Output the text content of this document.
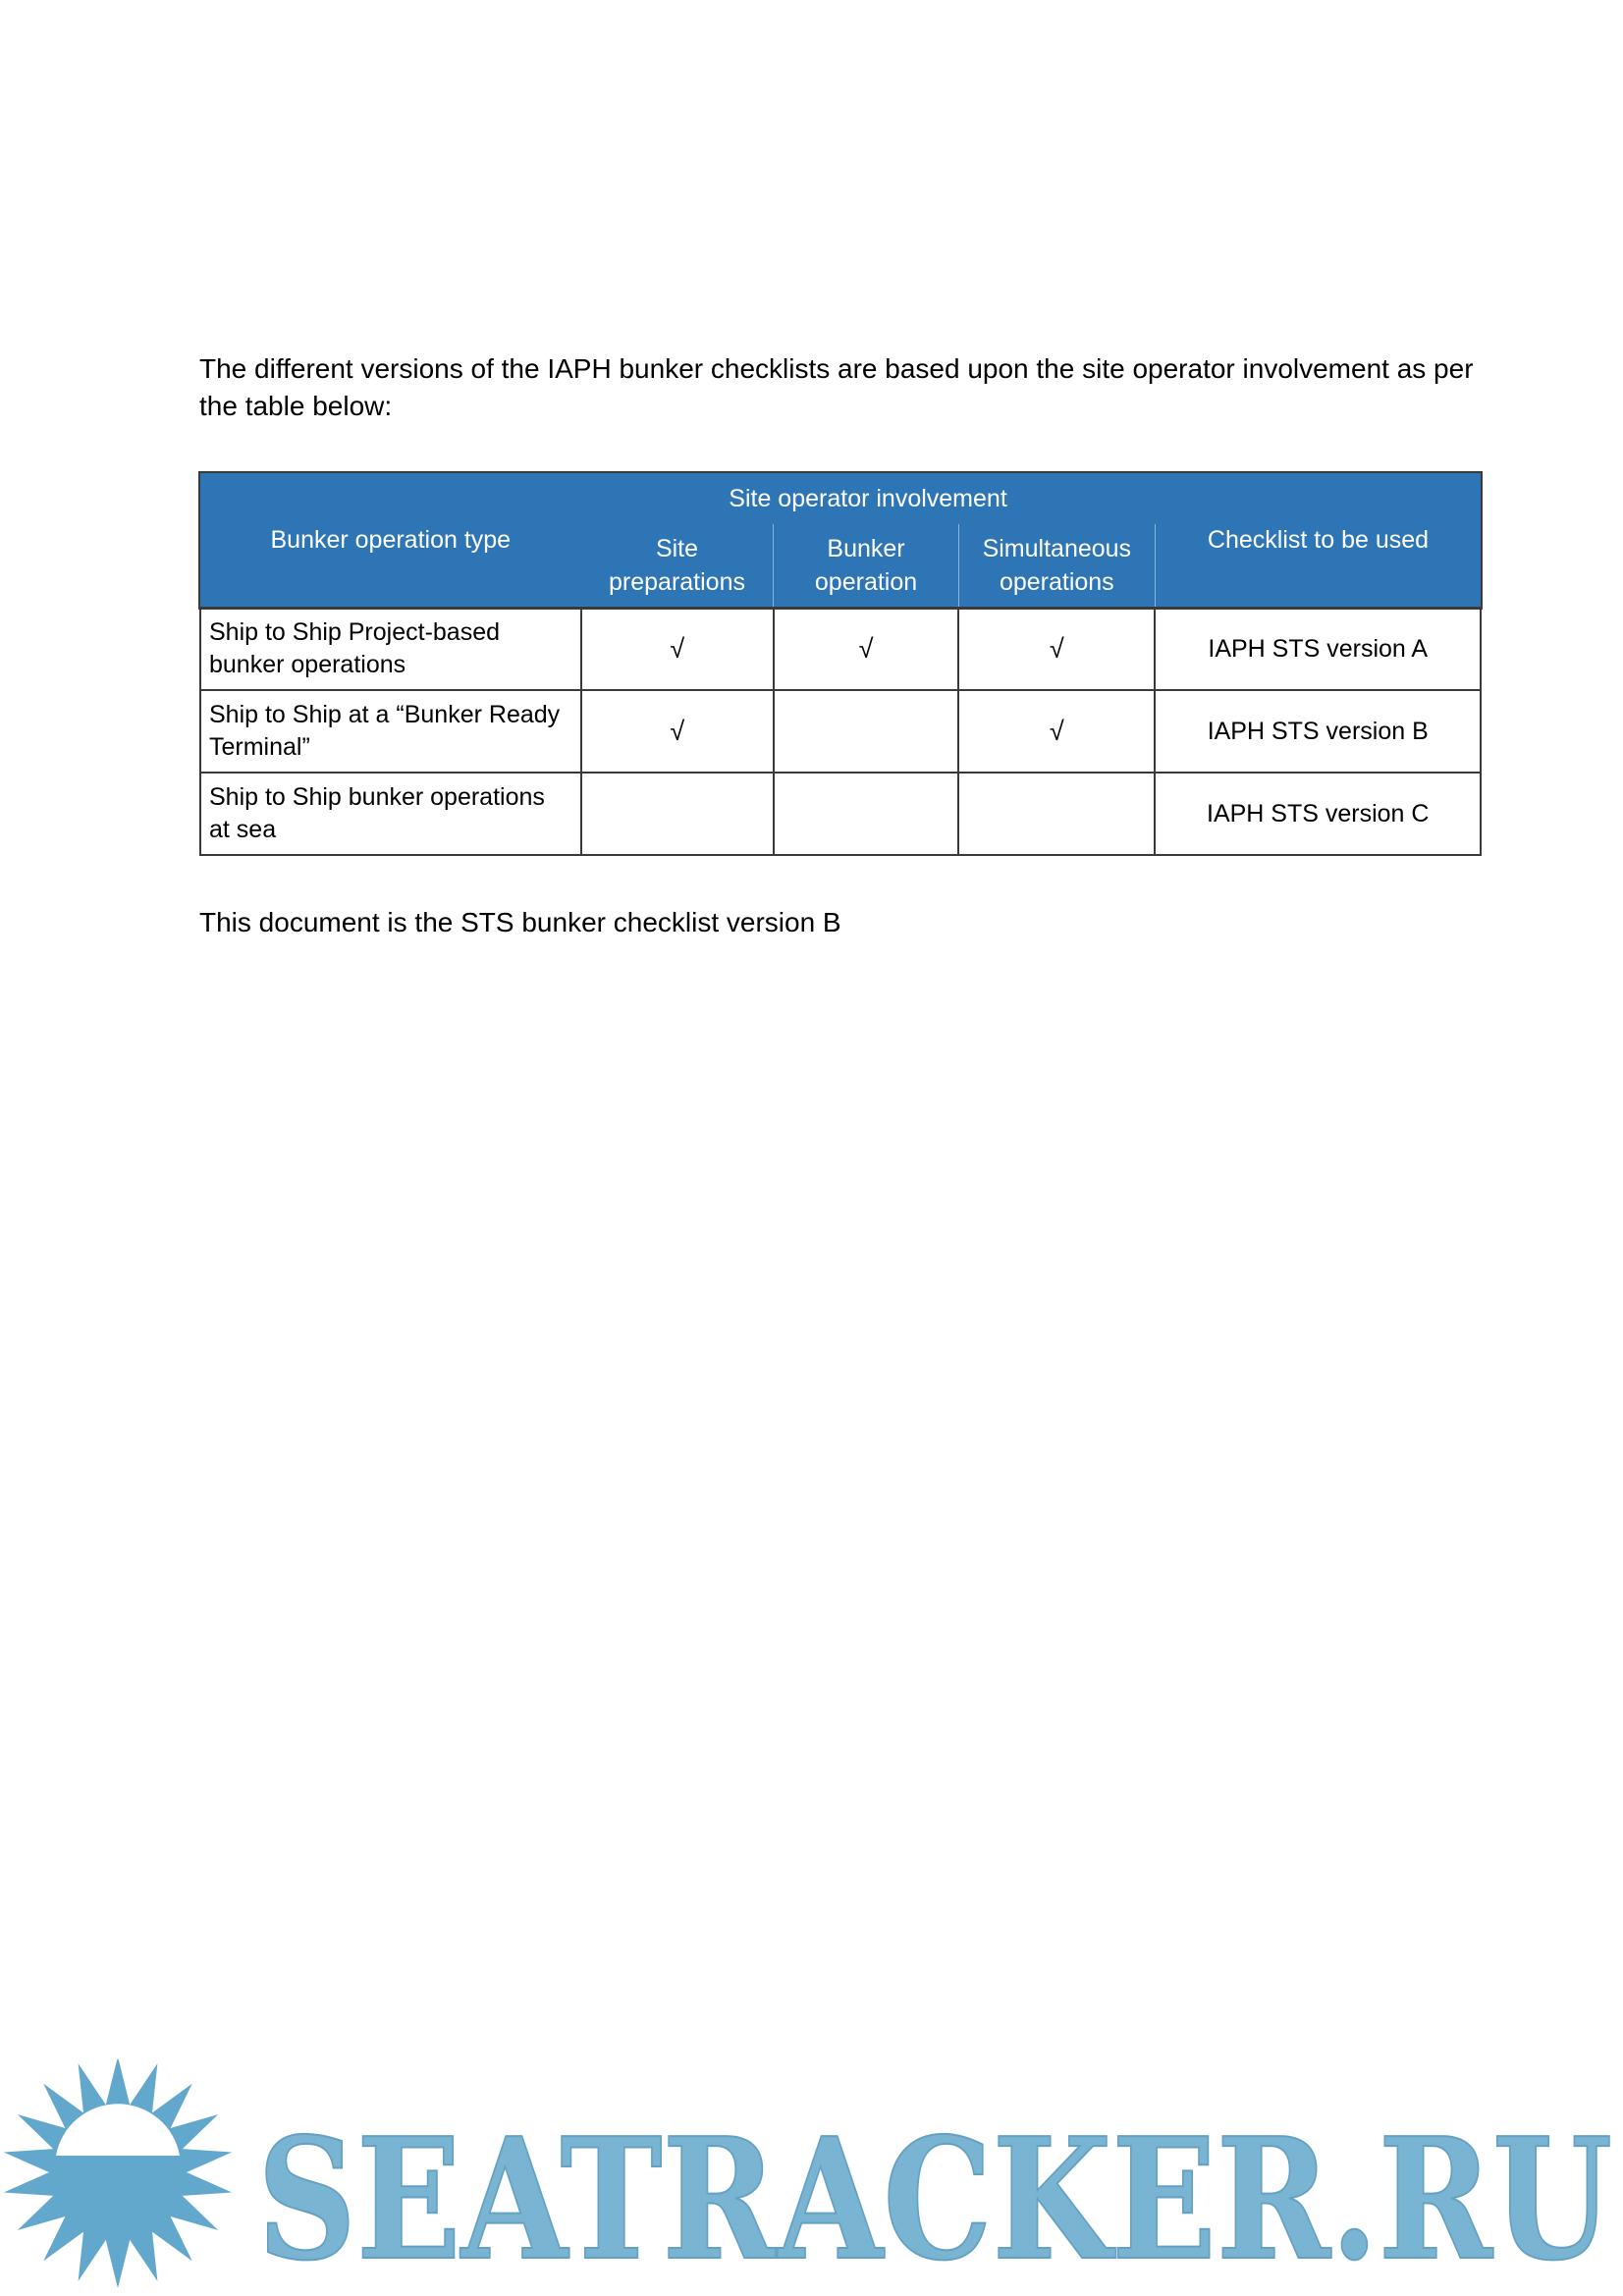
The different versions of the IAPH bunker checklists are based upon the site operator involvement as per the table below:

Bunker operation type	Site operator involvement			Checklist to be used
	Site preparations	Bunker operation	Simultaneous operations	
Ship to Ship Project-based bunker operations	√	√	√	IAPH STS version A
Ship to Ship at a “Bunker Ready Terminal”	√		√	IAPH STS version B
Ship to Ship bunker operations at sea				IAPH STS version C

This document is the STS bunker checklist version B

SEATRACKER.RU
